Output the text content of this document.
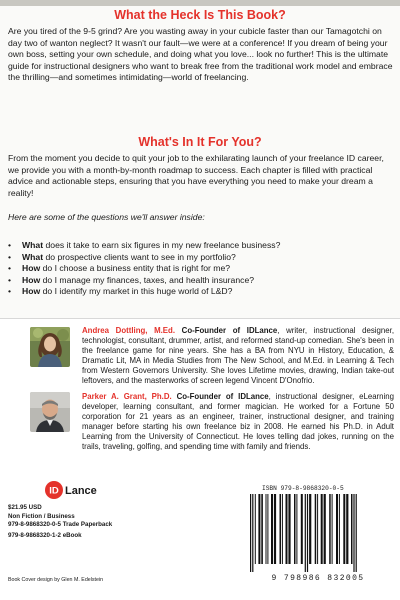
What the Heck Is This Book?
Are you tired of the 9-5 grind? Are you wasting away in your cubicle faster than our Tamagotchi on day two of wanton neglect? It wasn't our fault—we were at a conference! If you dream of being your own boss, setting your own schedule, and doing what you love... look no further! This is the ultimate guide for instructional designers who want to break free from the traditional work model and embrace the thrilling—and sometimes intimidating—world of freelancing.
What's In It For You?
From the moment you decide to quit your job to the exhilarating launch of your freelance ID career, we provide you with a month-by-month roadmap to success. Each chapter is filled with practical advice and actionable steps, ensuring that you have everything you need to make your dream a reality!
Here are some of the questions we'll answer inside:
• What does it take to earn six figures in my new freelance business?
• What do prospective clients want to see in my portfolio?
• How do I choose a business entity that is right for me?
• How do I manage my finances, taxes, and health insurance?
• How do I identify my market in this huge world of L&D?
Andrea Dottling, M.Ed. Co-Founder of IDLance, writer, instructional designer, technologist, consultant, drummer, artist, and reformed stand-up comedian. She's been in the freelance game for nine years. She has a BA from NYU in History, Education, & Dramatic Lit, MA in Media Studies from The New School, and M.Ed. in Learning & Tech from Western Governors University. She loves Lifetime movies, drawing, Indian take-out leftovers, and the masterworks of screen legend Vincent D'Onofrio.
Parker A. Grant, Ph.D. Co-Founder of IDLance, instructional designer, eLearning developer, learning consultant, and former magician. He worked for a Fortune 50 corporation for 21 years as an engineer, trainer, instructional designer, and training manager before starting his own freelance biz in 2008. He earned his Ph.D. in Adult Learning from the University of Connecticut. He loves telling dad jokes, running on the trails, traveling, golfing, and spending time with family and friends.
ID Lance
$21.95 USD
Non Fiction / Business
979-8-9868320-0-5 Trade Paperback
979-8-9868320-1-2 eBook
Book Cover design by Glen M. Edelstein
ISBN 979-8-9868320-0-5
9 798986 832005
